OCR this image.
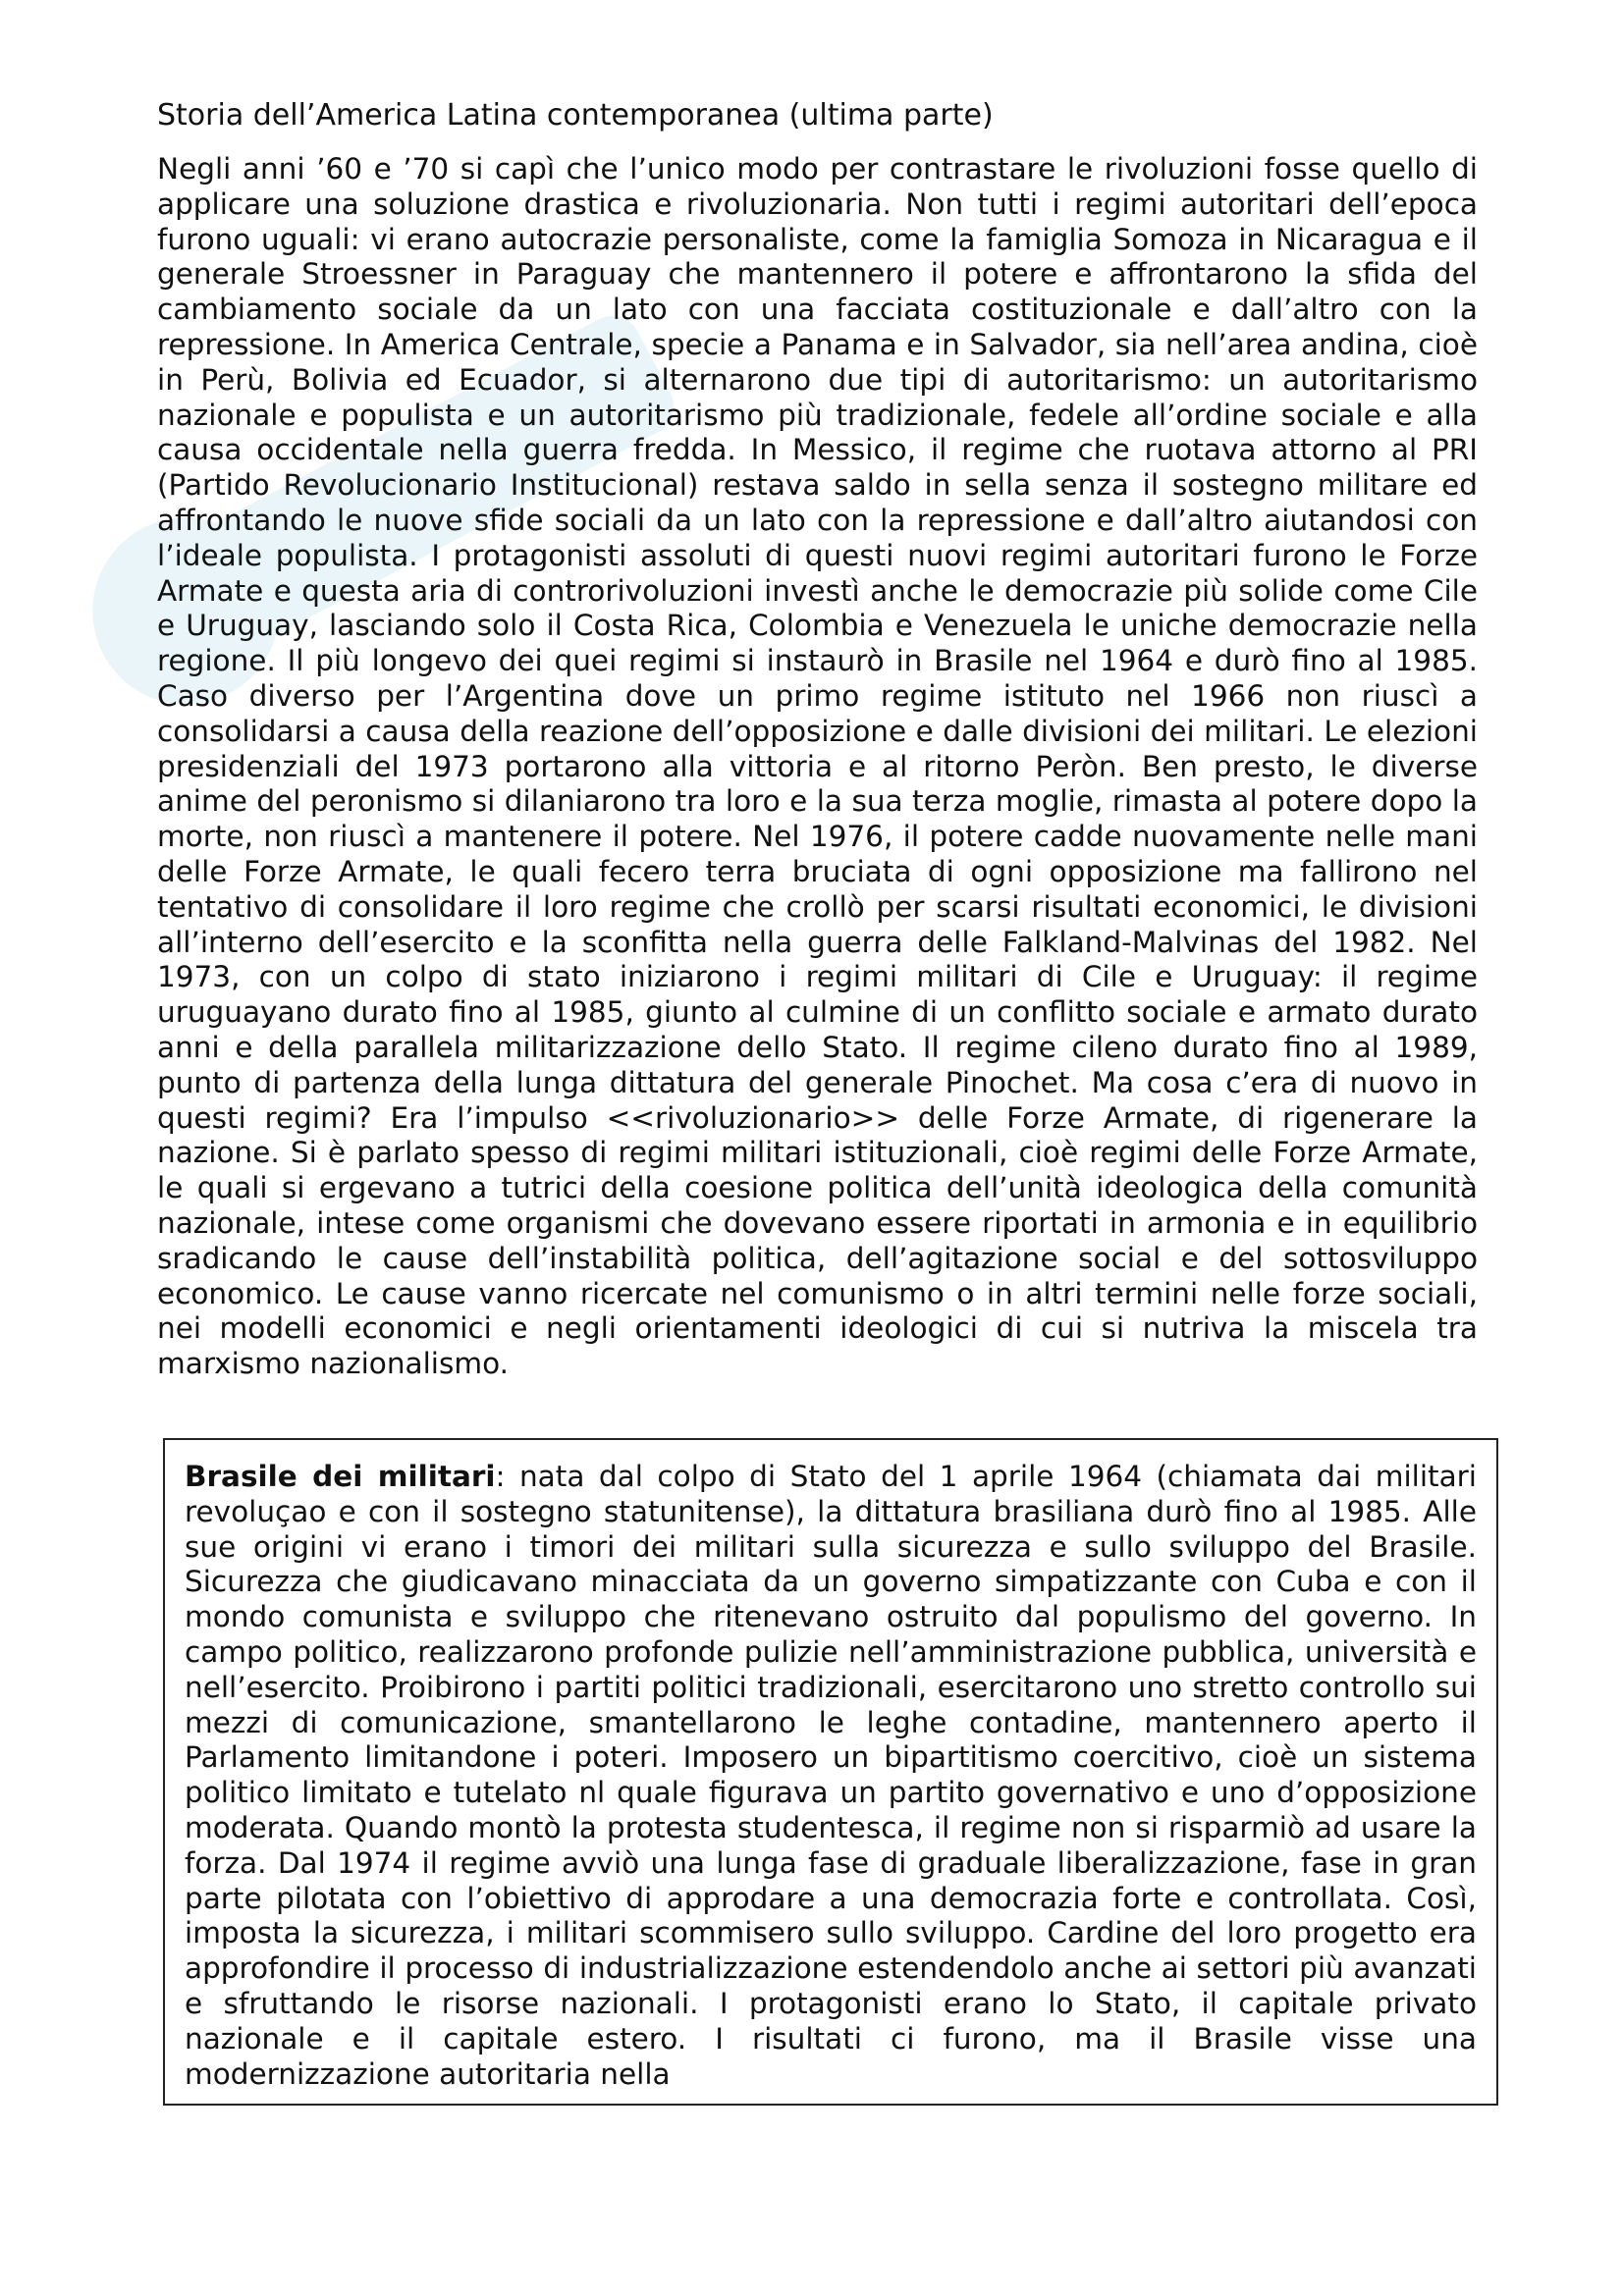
Storia dell’America Latina contemporanea (ultima parte)

Negli anni ’60 e ’70 si capì che l’unico modo per contrastare le rivoluzioni fosse quello di applicare una soluzione drastica e rivoluzionaria. Non tutti i regimi autoritari dell’epoca furono uguali: vi erano autocrazie personaliste, come la famiglia Somoza in Nicaragua e il generale Stroessner in Paraguay che mantennero il potere e affrontarono la sfida del cambiamento sociale da un lato con una facciata costituzionale e dall’altro con la repressione. In America Centrale, specie a Panama e in Salvador, sia nell’area andina, cioè in Perù, Bolivia ed Ecuador, si alternarono due tipi di autoritarismo: un autoritarismo nazionale e populista e un autoritarismo più tradizionale, fedele all’ordine sociale e alla causa occidentale nella guerra fredda. In Messico, il regime che ruotava attorno al PRI (Partido Revolucionario Institucional) restava saldo in sella senza il sostegno militare ed affrontando le nuove sfide sociali da un lato con la repressione e dall’altro aiutandosi con l’ideale populista. I protagonisti assoluti di questi nuovi regimi autoritari furono le Forze Armate e questa aria di controrivoluzioni investì anche le democrazie più solide come Cile e Uruguay, lasciando solo il Costa Rica, Colombia e Venezuela le uniche democrazie nella regione. Il più longevo dei quei regimi si instaurò in Brasile nel 1964 e durò fino al 1985. Caso diverso per l’Argentina dove un primo regime istituto nel 1966 non riuscì a consolidarsi a causa della reazione dell’opposizione e dalle divisioni dei militari. Le elezioni presidenziali del 1973 portarono alla vittoria e al ritorno Peròn. Ben presto, le diverse anime del peronismo si dilaniarono tra loro e la sua terza moglie, rimasta al potere dopo la morte, non riuscì a mantenere il potere. Nel 1976, il potere cadde nuovamente nelle mani delle Forze Armate, le quali fecero terra bruciata di ogni opposizione ma fallirono nel tentativo di consolidare il loro regime che crollò per scarsi risultati economici, le divisioni all’interno dell’esercito e la sconfitta nella guerra delle Falkland-Malvinas del 1982. Nel 1973, con un colpo di stato iniziarono i regimi militari di Cile e Uruguay: il regime uruguayano durato fino al 1985, giunto al culmine di un conflitto sociale e armato durato anni e della parallela militarizzazione dello Stato. Il regime cileno durato fino al 1989, punto di partenza della lunga dittatura del generale Pinochet. Ma cosa c’era di nuovo in questi regimi? Era l’impulso <<rivoluzionario>> delle Forze Armate, di rigenerare la nazione. Si è parlato spesso di regimi militari istituzionali, cioè regimi delle Forze Armate, le quali si ergevano a tutrici della coesione politica dell’unità ideologica della comunità nazionale, intese come organismi che dovevano essere riportati in armonia e in equilibrio sradicando le cause dell’instabilità politica, dell’agitazione social e del sottosviluppo economico. Le cause vanno ricercate nel comunismo o in altri termini nelle forze sociali, nei modelli economici e negli orientamenti ideologici di cui si nutriva la miscela tra marxismo nazionalismo.

Brasile dei militari: nata dal colpo di Stato del 1 aprile 1964 (chiamata dai militari revoluçao e con il sostegno statunitense), la dittatura brasiliana durò fino al 1985. Alle sue origini vi erano i timori dei militari sulla sicurezza e sullo sviluppo del Brasile. Sicurezza che giudicavano minacciata da un governo simpatizzante con Cuba e con il mondo comunista e sviluppo che ritenevano ostruito dal populismo del governo. In campo politico, realizzarono profonde pulizie nell’amministrazione pubblica, università e nell’esercito. Proibirono i partiti politici tradizionali, esercitarono uno stretto controllo sui mezzi di comunicazione, smantellarono le leghe contadine, mantennero aperto il Parlamento limitandone i poteri. Imposero un bipartitismo coercitivo, cioè un sistema politico limitato e tutelato nl quale figurava un partito governativo e uno d’opposizione moderata. Quando montò la protesta studentesca, il regime non si risparmiò ad usare la forza. Dal 1974 il regime avviò una lunga fase di graduale liberalizzazione, fase in gran parte pilotata con l’obiettivo di approdare a una democrazia forte e controllata. Così, imposta la sicurezza, i militari scommisero sullo sviluppo. Cardine del loro progetto era approfondire il processo di industrializzazione estendendolo anche ai settori più avanzati e sfruttando le risorse nazionali. I protagonisti erano lo Stato, il capitale privato nazionale e il capitale estero. I risultati ci furono, ma il Brasile visse una modernizzazione autoritaria nella
